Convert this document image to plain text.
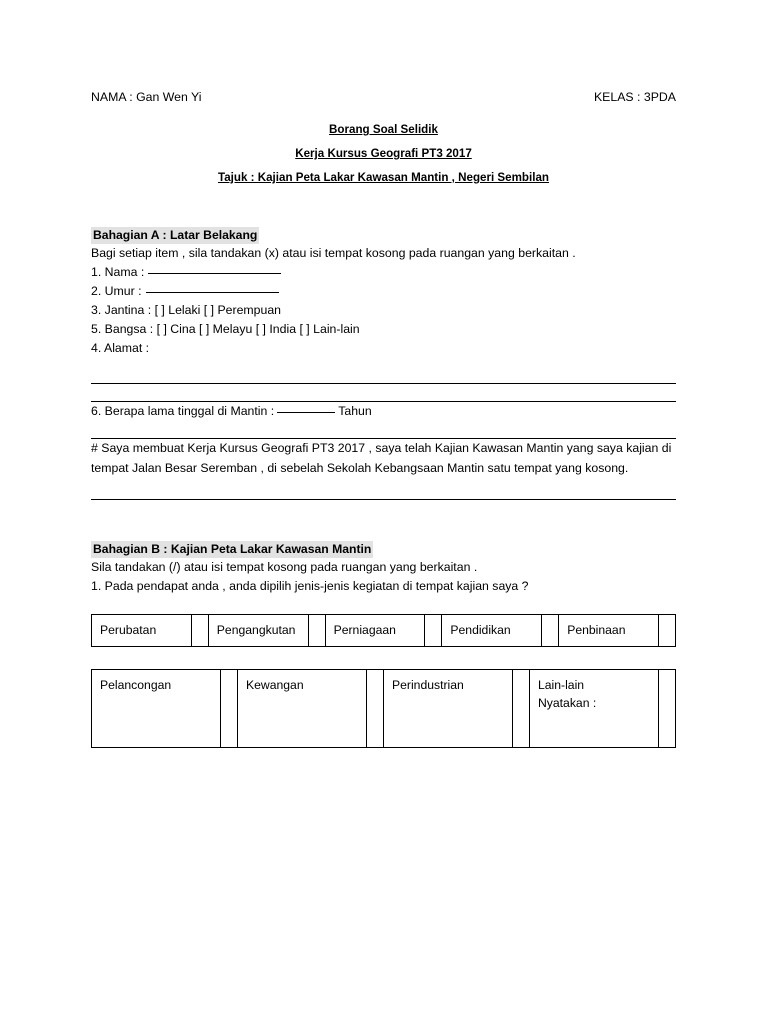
NAMA : Gan Wen Yi	KELAS : 3PDA
Borang Soal Selidik
Kerja Kursus Geografi PT3 2017
Tajuk : Kajian Peta Lakar Kawasan Mantin , Negeri Sembilan
Bahagian A : Latar Belakang

Bagi setiap item , sila tandakan (x) atau isi tempat kosong pada ruangan yang berkaitan .

1. Nama :

2. Umur :

3. Jantina : [ ] Lelaki [ ] Perempuan

5. Bangsa : [ ] Cina [ ] Melayu [ ] India [ ] Lain-lain

4. Alamat :

6. Berapa lama tinggal di Mantin :	Tahun

# Saya membuat Kerja Kursus Geografi PT3 2017 , saya telah Kajian Kawasan Mantin yang saya kajian di tempat Jalan Besar Seremban , di sebelah Sekolah Kebangsaan Mantin satu tempat yang kosong.

Bahagian B : Kajian Peta Lakar Kawasan Mantin

Sila tandakan (/) atau isi tempat kosong pada ruangan yang berkaitan .

1. Pada pendapat anda , anda dipilih jenis-jenis kegiatan di tempat kajian saya ?

Perubatan		Pengangkutan		Perniagaan		Pendidikan		Penbinaan	
Pelancongan		Kewangan		Perindustrian		Lain-lain
Nyatakan :
